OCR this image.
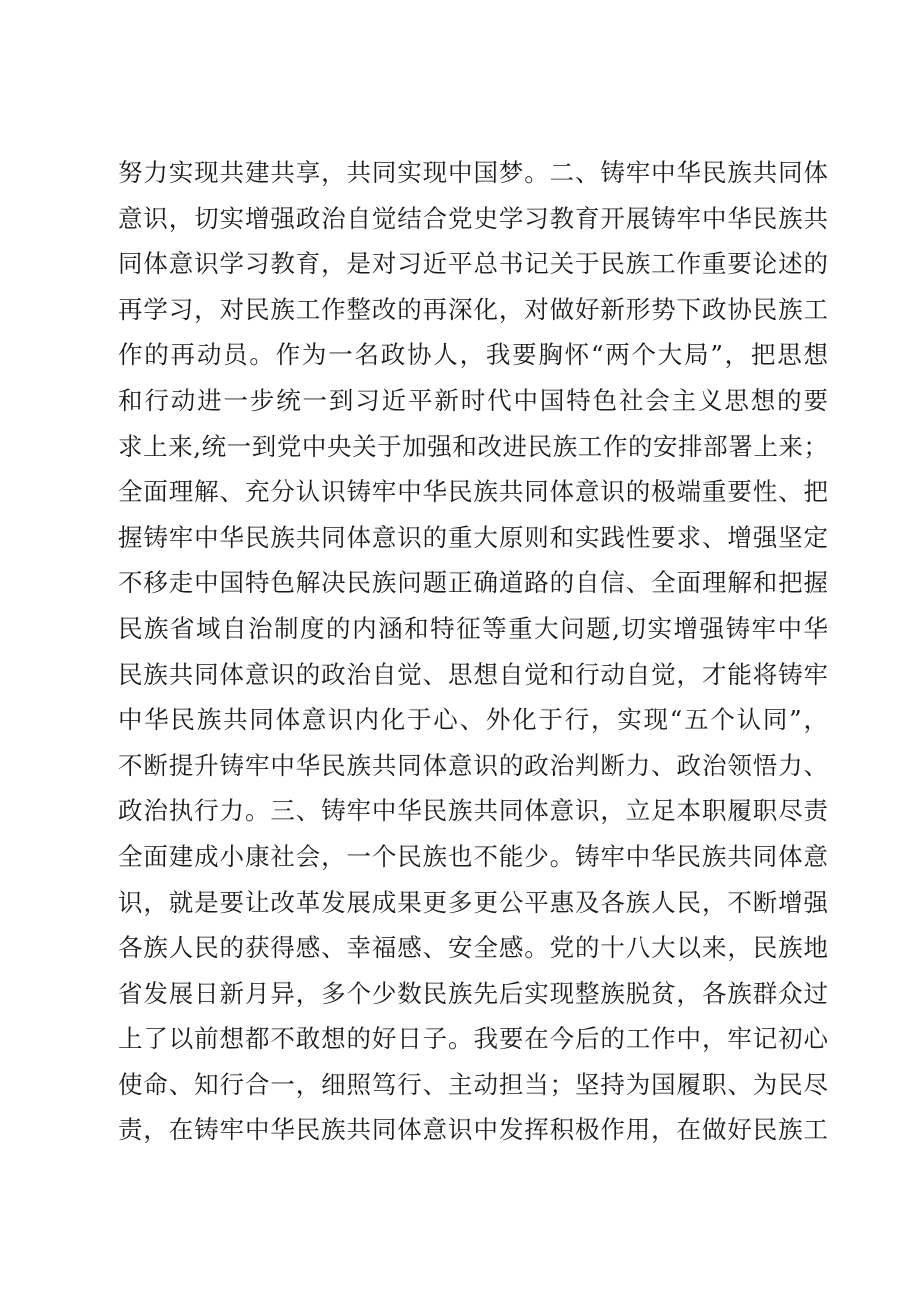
努力实现共建共享，共同实现中国梦。二、铸牢中华民族共同体
意识，切实增强政治自觉结合党史学习教育开展铸牢中华民族共
同体意识学习教育，是对习近平总书记关于民族工作重要论述的
再学习，对民族工作整改的再深化，对做好新形势下政协民族工
作的再动员。作为一名政协人，我要胸怀“两个大局”，把思想
和行动进一步统一到习近平新时代中国特色社会主义思想的要
求上来,统一到党中央关于加强和改进民族工作的安排部署上来；
全面理解、充分认识铸牢中华民族共同体意识的极端重要性、把
握铸牢中华民族共同体意识的重大原则和实践性要求、增强坚定
不移走中国特色解决民族问题正确道路的自信、全面理解和把握
民族省域自治制度的内涵和特征等重大问题,切实增强铸牢中华
民族共同体意识的政治自觉、思想自觉和行动自觉，才能将铸牢
中华民族共同体意识内化于心、外化于行，实现“五个认同”，
不断提升铸牢中华民族共同体意识的政治判断力、政治领悟力、
政治执行力。三、铸牢中华民族共同体意识，立足本职履职尽责
全面建成小康社会，一个民族也不能少。铸牢中华民族共同体意
识，就是要让改革发展成果更多更公平惠及各族人民，不断增强
各族人民的获得感、幸福感、安全感。党的十八大以来，民族地
省发展日新月异，多个少数民族先后实现整族脱贫，各族群众过
上了以前想都不敢想的好日子。我要在今后的工作中，牢记初心
使命、知行合一，细照笃行、主动担当；坚持为国履职、为民尽
责，在铸牢中华民族共同体意识中发挥积极作用，在做好民族工
